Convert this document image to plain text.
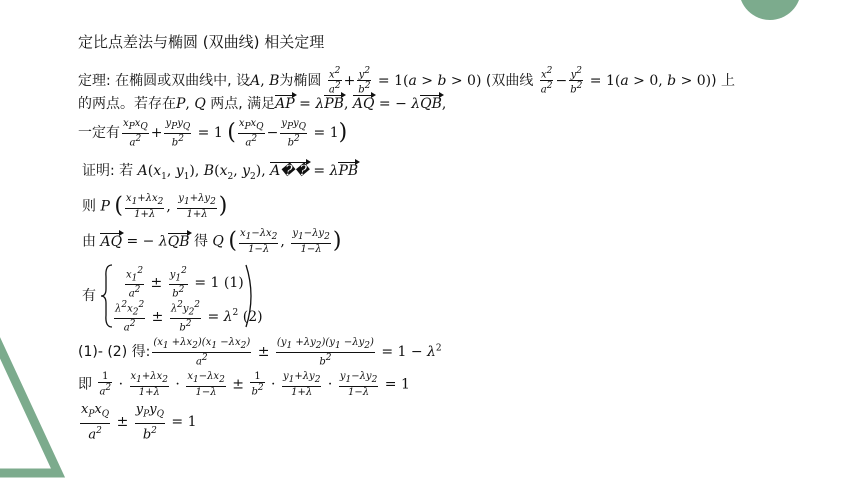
定比点差法与椭圆 (双曲线) 相关定理
定理: 在椭圆或双曲线中, 设A, B为椭圆 $\frac{x^2}{a^2} + \frac{y^2}{b^2} = 1(a > b > 0)$ (双曲线 $\frac{x^2}{a^2} - \frac{y^2}{b^2} = 1(a > 0$, b > 0)) 上
的两点。若存在P, Q 两点, 满足AP = λPB, AQ = − λQB,
一定有 $\frac{x_Px_Q}{a^2} + \frac{y_Py_Q}{b^2} = 1$ ( $\frac{x_Px_Q}{a^2} - \frac{y_Py_Q}{b^2} = 1$)
证明: 若 $A(x_1$, $y_1$), $B(x_2$, $y_2$), A�� = λPB
则 P ( $\frac{x_1+\lambda x_2}{1+\lambda}$ , $\frac{y_1+\lambda y_2}{1+\lambda}$ )
由 AQ = − λQB 得 Q ( $\frac{x_1-\lambda x_2}{1-\lambda}$ , $\frac{y_1-\lambda y_2}{1-\lambda}$ )
有	$\frac{x_1^2}{a^2} \pm \frac{y_1^2}{b^2} = 1$ (1)
$\frac{\lambda^2x_2^2}{a^2} \pm \frac{\lambda^2y_2^2}{b^2} = \lambda^2$ (2)
(1)- (2) 得: $\frac{(x_1 +\lambda x_2)(x_1 -\lambda x_2)}{a^2} \pm \frac{(y_1 +\lambda y_2)(y_1 -\lambda y_2)}{b^2} = 1 - \lambda^2$
即 $\frac{1}{a^2} \cdot \frac{x_1+\lambda x_2}{1+\lambda} \cdot \frac{x_1-\lambda x_2}{1-\lambda} \pm \frac{1}{b^2} \cdot \frac{y_1+\lambda y_2}{1+\lambda} \cdot \frac{y_1-\lambda y_2}{1-\lambda} = 1$
$\frac{x_Px_Q}{a^2} \pm \frac{y_Py_Q}{b^2} = 1$
